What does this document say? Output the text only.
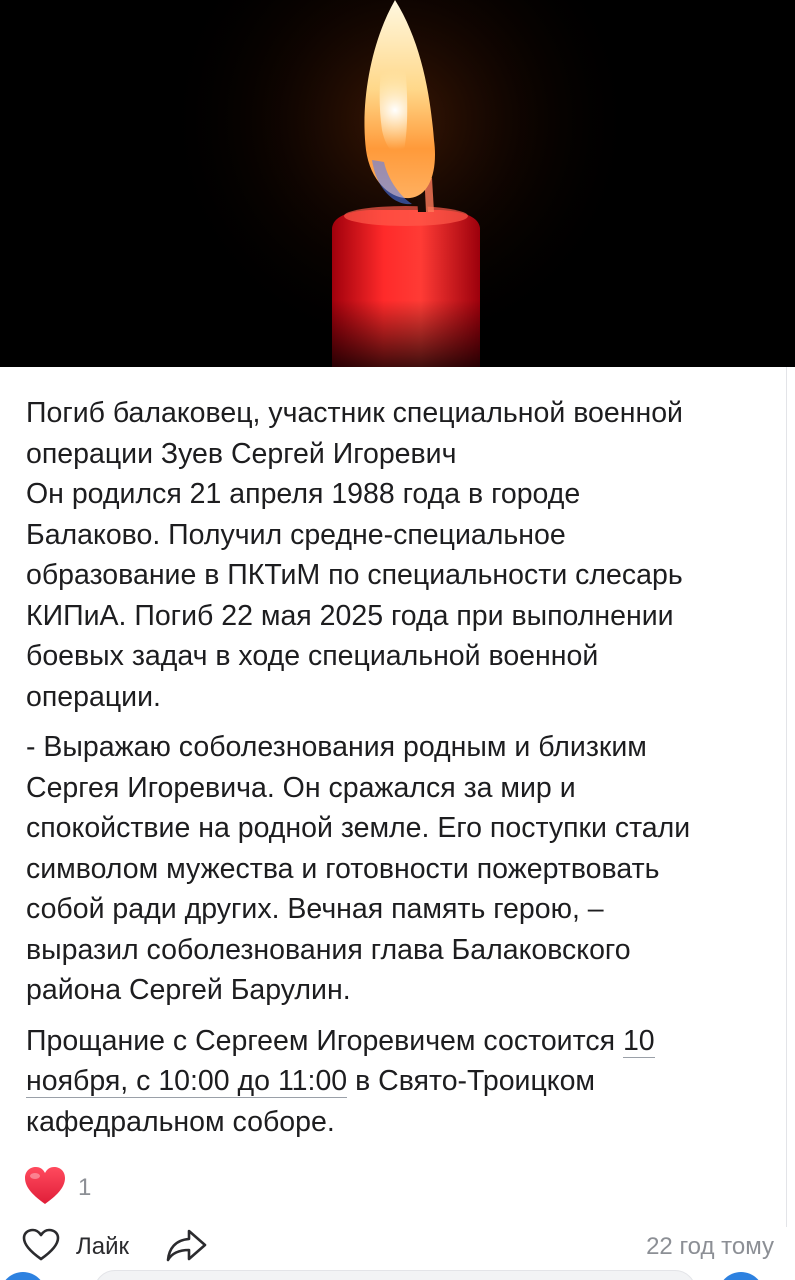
Погиб балаковец, участник специальной военной
операции Зуев Сергей Игоревич
Он родился 21 апреля 1988 года в городе
Балаково. Получил средне-специальное
образование в ПКТиМ по специальности слесарь
КИПиА. Погиб 22 мая 2025 года при выполнении
боевых задач в ходе специальной военной
операции.

- Выражаю соболезнования родным и близким
Сергея Игоревича. Он сражался за мир и
спокойствие на родной земле. Его поступки стали
символом мужества и готовности пожертвовать
собой ради других. Вечная память герою, –
выразил соболезнования глава Балаковского
района Сергей Барулин.

Прощание с Сергеем Игоревичем состоится 10
ноября, с 10:00 до 11:00 в Свято-Троицком
кафедральном соборе.

1
Лайк	22 год тому
